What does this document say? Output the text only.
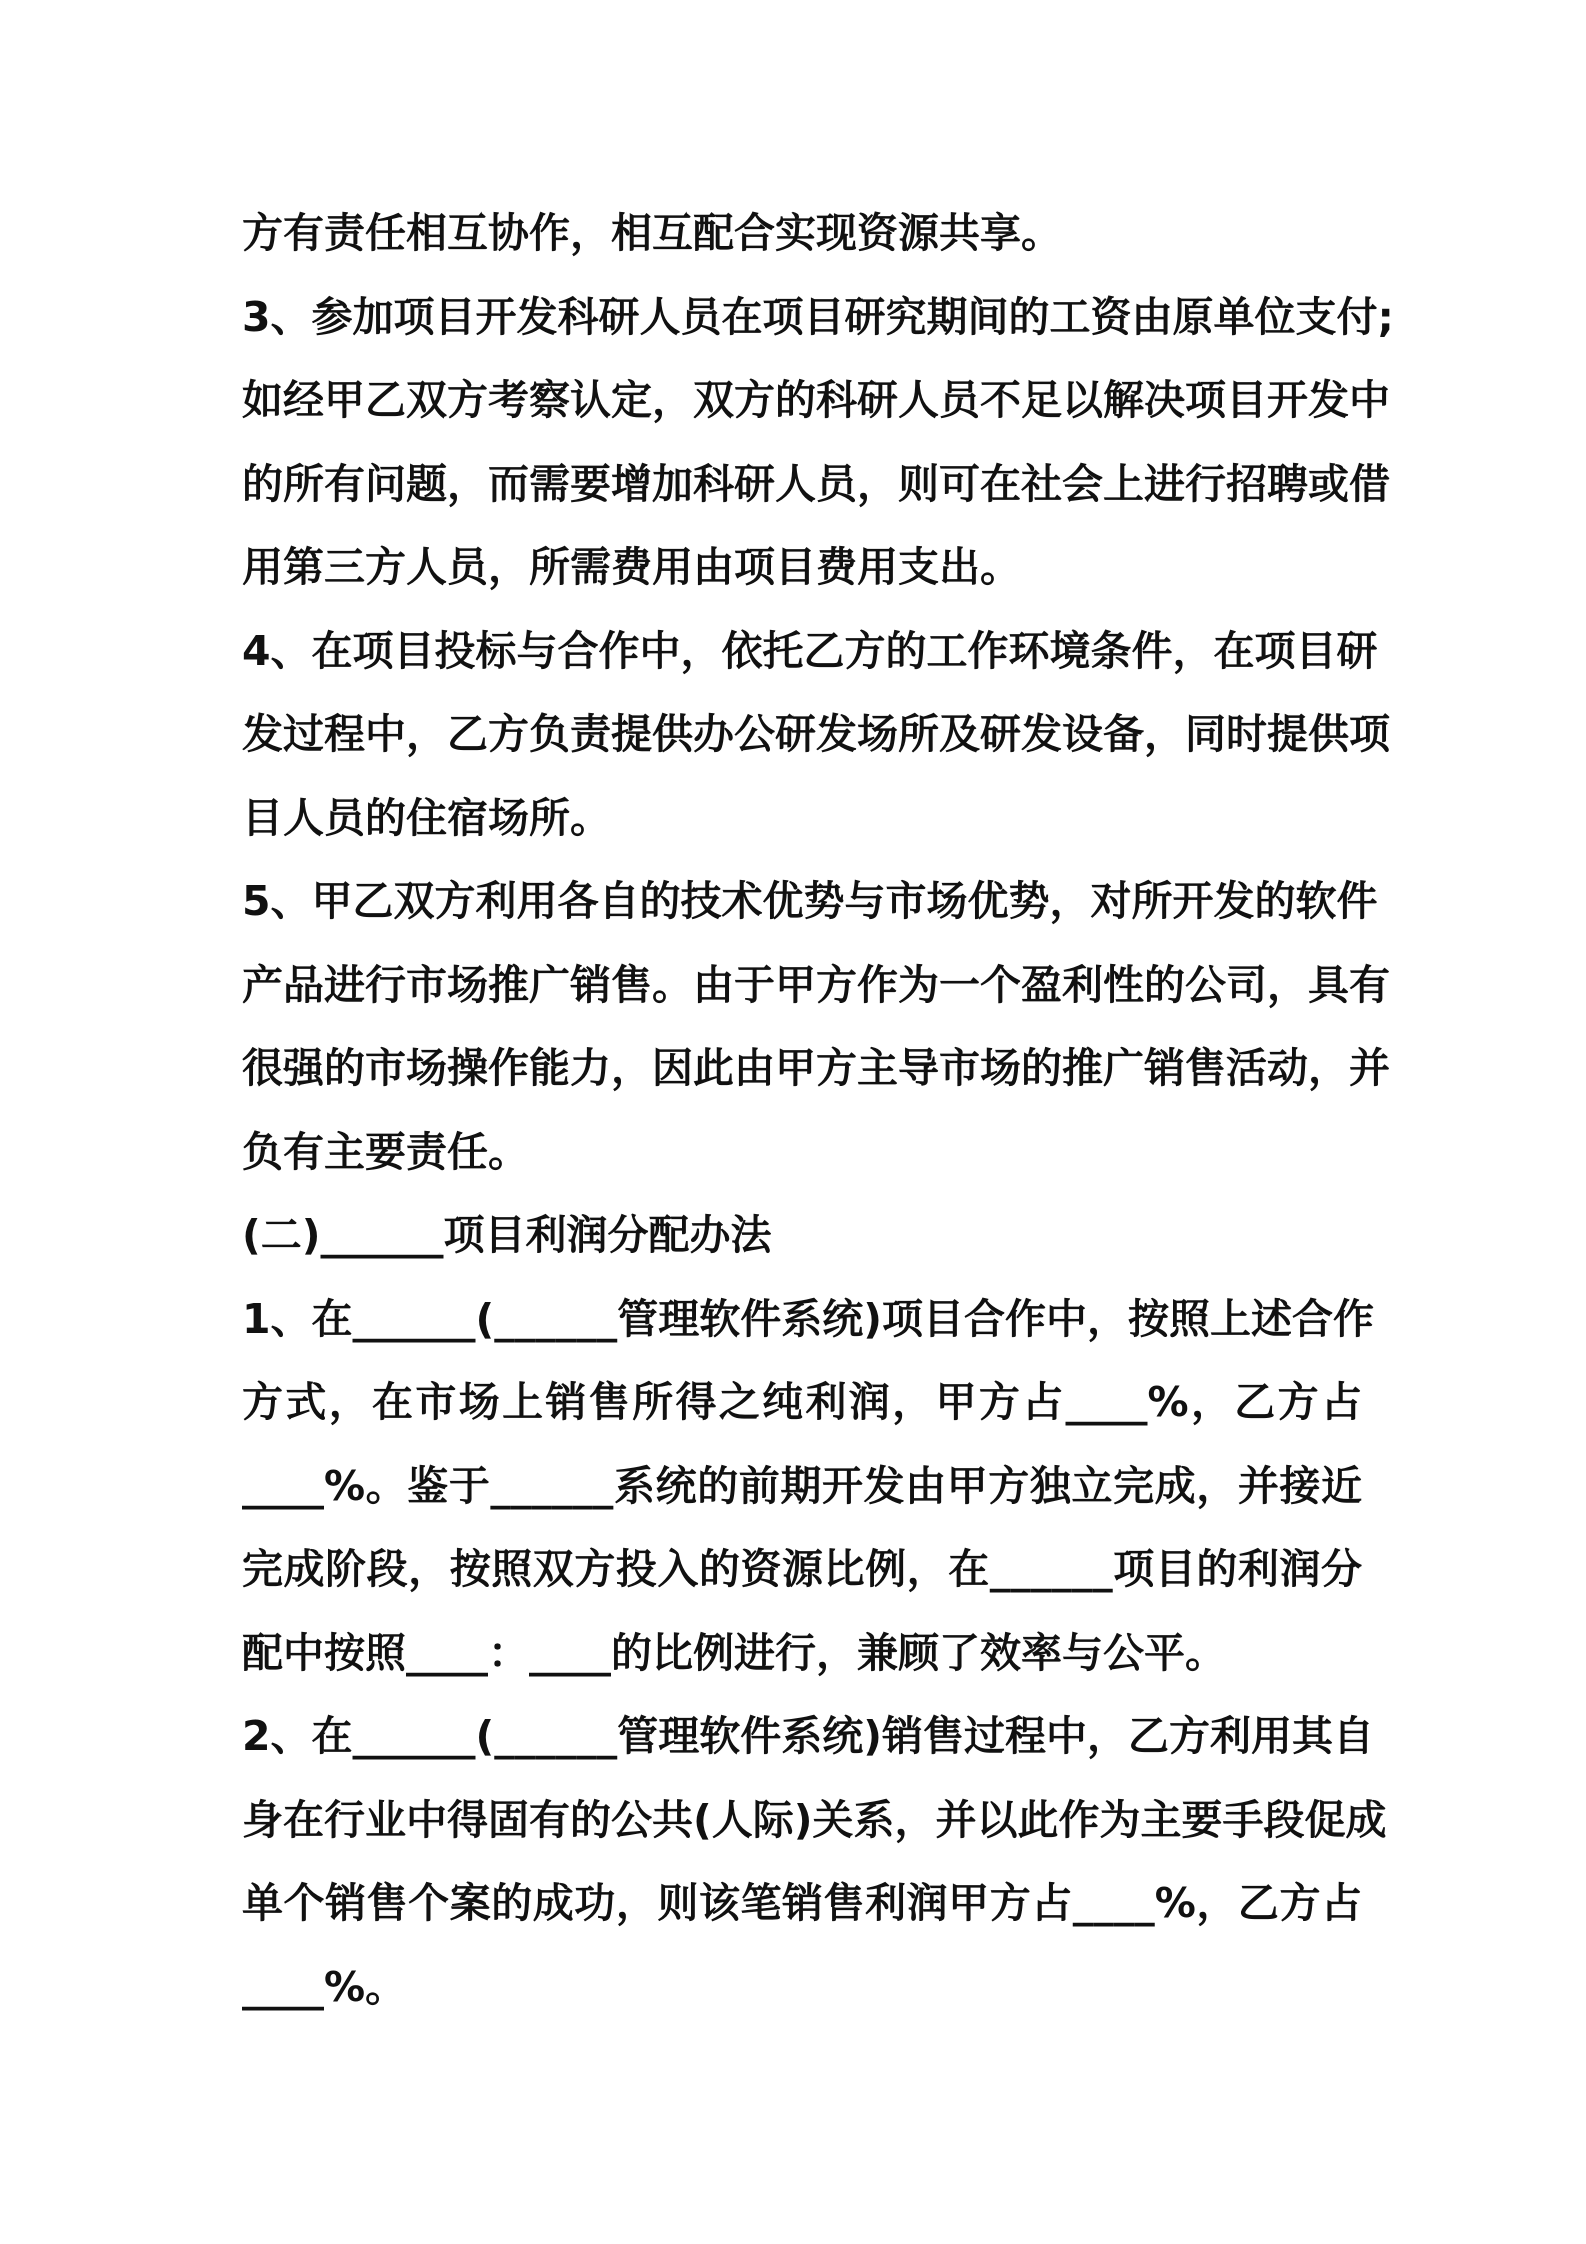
方有责任相互协作，相互配合实现资源共享。
3、参加项目开发科研人员在项目研究期间的工资由原单位支付;
如经甲乙双方考察认定，双方的科研人员不足以解决项目开发中
的所有问题，而需要增加科研人员，则可在社会上进行招聘或借
用第三方人员，所需费用由项目费用支出。
4、在项目投标与合作中，依托乙方的工作环境条件，在项目研
发过程中，乙方负责提供办公研发场所及研发设备，同时提供项
目人员的住宿场所。
5、甲乙双方利用各自的技术优势与市场优势，对所开发的软件
产品进行市场推广销售。由于甲方作为一个盈利性的公司，具有
很强的市场操作能力，因此由甲方主导市场的推广销售活动，并
负有主要责任。
(二)______项目利润分配办法
1、在______(______管理软件系统)项目合作中，按照上述合作
方式，在市场上销售所得之纯利润，甲方占____%，乙方占
____%。鉴于______系统的前期开发由甲方独立完成，并接近
完成阶段，按照双方投入的资源比例，在______项目的利润分
配中按照____：____的比例进行，兼顾了效率与公平。
2、在______(______管理软件系统)销售过程中，乙方利用其自
身在行业中得固有的公共(人际)关系，并以此作为主要手段促成
单个销售个案的成功，则该笔销售利润甲方占____%，乙方占
____%。
